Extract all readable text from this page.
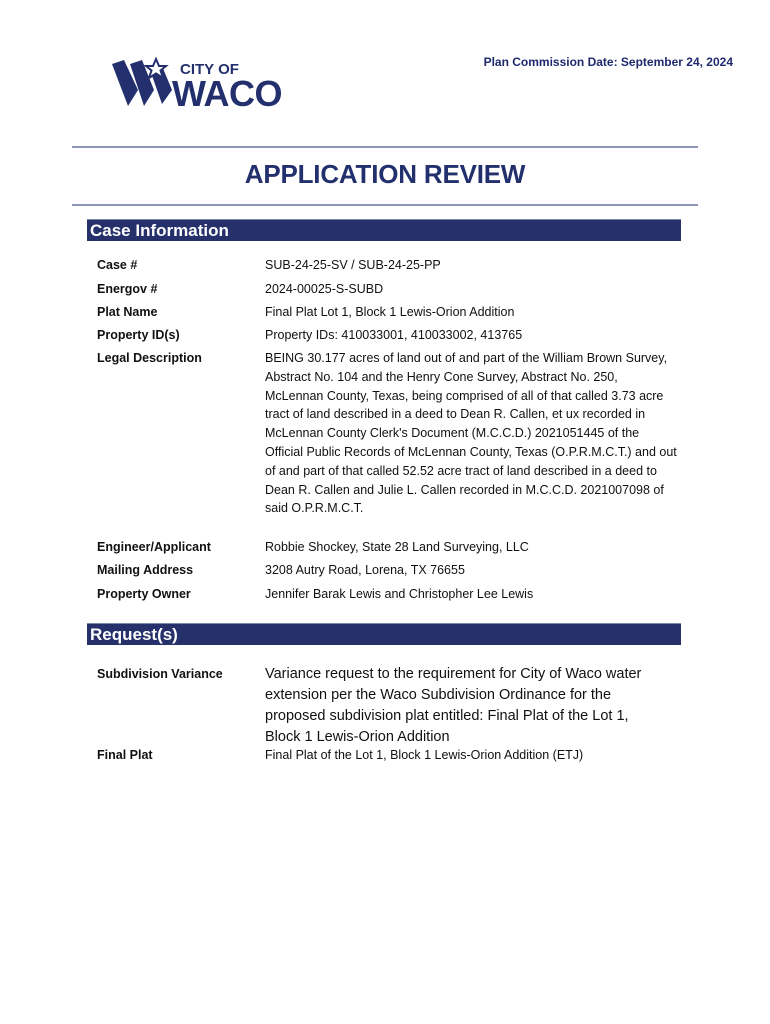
CITY OF
WACO
Plan Commission Date: September 24, 2024
APPLICATION REVIEW
Case Information
Case #	SUB-24-25-SV / SUB-24-25-PP
Energov #	2024-00025-S-SUBD
Plat Name	Final Plat Lot 1, Block 1 Lewis-Orion Addition
Property ID(s)	Property IDs: 410033001, 410033002, 413765
Legal Description	BEING 30.177 acres of land out of and part of the William Brown Survey, Abstract No. 104 and the Henry Cone Survey, Abstract No. 250, McLennan County, Texas, being comprised of all of that called 3.73 acre tract of land described in a deed to Dean R. Callen, et ux recorded in McLennan County Clerk's Document (M.C.C.D.) 2021051445 of the Official Public Records of McLennan County, Texas (O.P.R.M.C.T.) and out of and part of that called 52.52 acre tract of land described in a deed to Dean R. Callen and Julie L. Callen recorded in M.C.C.D. 2021007098 of said O.P.R.M.C.T.
Engineer/Applicant	Robbie Shockey, State 28 Land Surveying, LLC
Mailing Address	3208 Autry Road, Lorena, TX 76655
Property Owner	Jennifer Barak Lewis and Christopher Lee Lewis
Request(s)
Subdivision Variance	Variance request to the requirement for City of Waco water extension per the Waco Subdivision Ordinance for the proposed subdivision plat entitled: Final Plat of the Lot 1, Block 1 Lewis-Orion Addition
Final Plat	Final Plat of the Lot 1, Block 1 Lewis-Orion Addition (ETJ)
